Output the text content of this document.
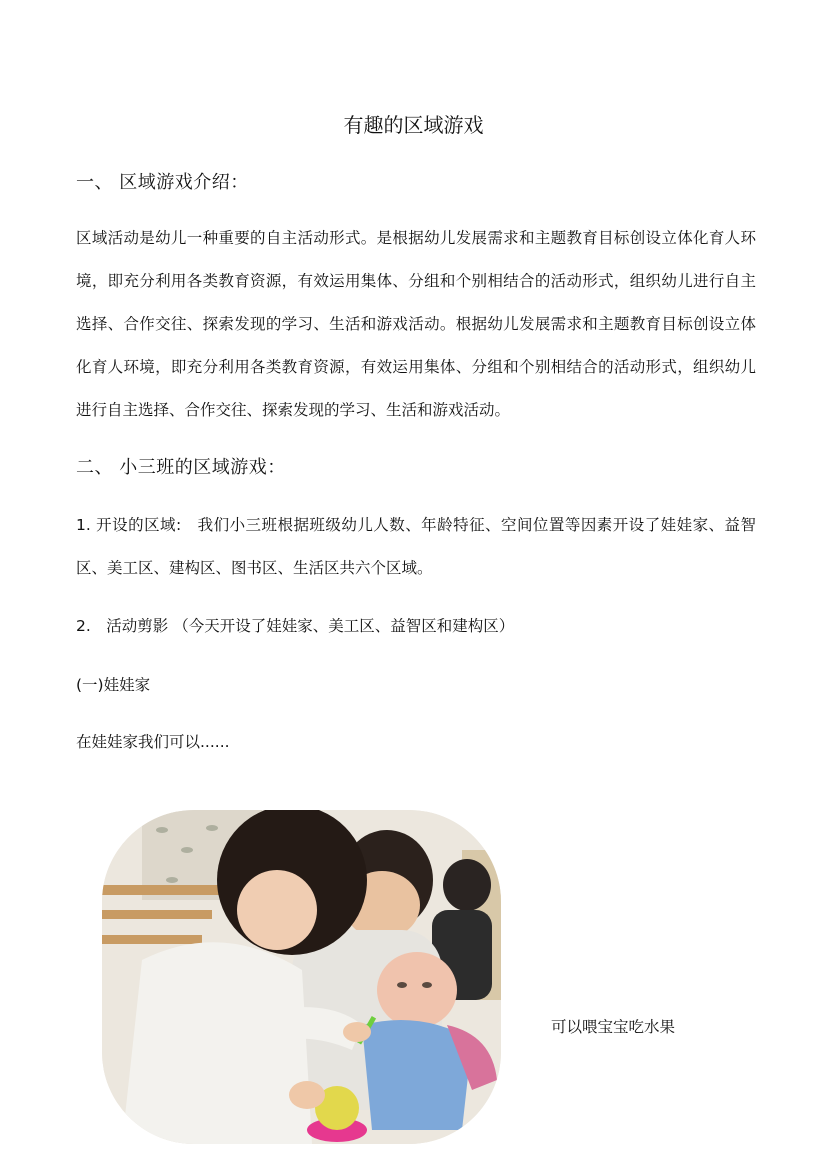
有趣的区域游戏
一、 区域游戏介绍：
区域活动是幼儿一种重要的自主活动形式。是根据幼儿发展需求和主题教育目标创设立体化育人环境，即充分利用各类教育资源，有效运用集体、分组和个别相结合的活动形式，组织幼儿进行自主选择、合作交往、探索发现的学习、生活和游戏活动。根据幼儿发展需求和主题教育目标创设立体化育人环境，即充分利用各类教育资源，有效运用集体、分组和个别相结合的活动形式，组织幼儿进行自主选择、合作交往、探索发现的学习、生活和游戏活动。
二、 小三班的区域游戏：
1. 开设的区域:　我们小三班根据班级幼儿人数、年龄特征、空间位置等因素开设了娃娃家、益智区、美工区、建构区、图书区、生活区共六个区域。
2.　活动剪影 （今天开设了娃娃家、美工区、益智区和建构区）
(一)娃娃家
在娃娃家我们可以......
可以喂宝宝吃水果
